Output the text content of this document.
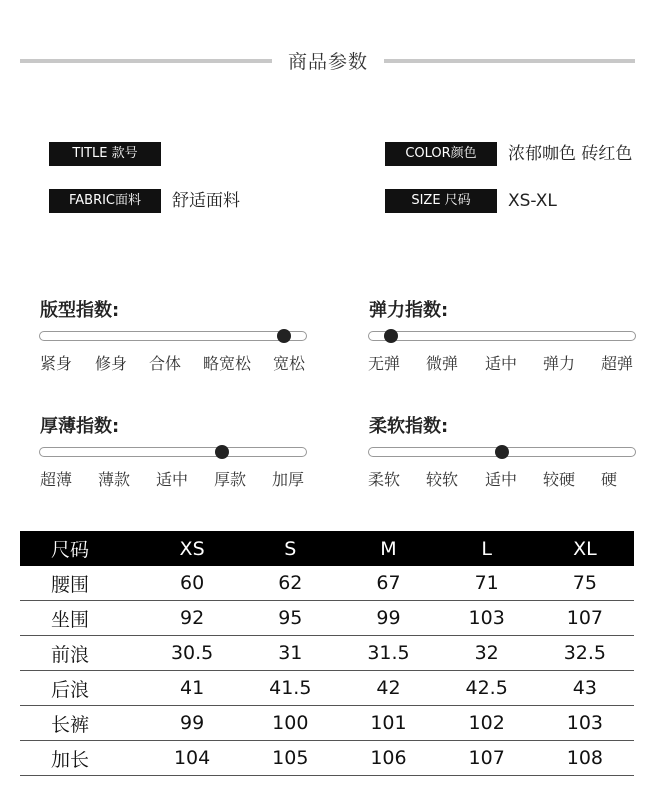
商品参数
TITLE 款号	COLOR颜色	浓郁咖色 砖红色
FABRIC面料	舒适面料	SIZE 尺码	XS-XL
版型指数:
紧身 修身 合体 略宽松 宽松
弹力指数:
无弹 微弹 适中 弹力 超弹
厚薄指数:
超薄 薄款 适中 厚款 加厚
柔软指数:
柔软 较软 适中 较硬 硬
尺码	XS	S	M	L	XL
腰围	60	62	67	71	75
坐围	92	95	99	103	107
前浪	30.5	31	31.5	32	32.5
后浪	41	41.5	42	42.5	43
长裤	99	100	101	102	103
加长	104	105	106	107	108
